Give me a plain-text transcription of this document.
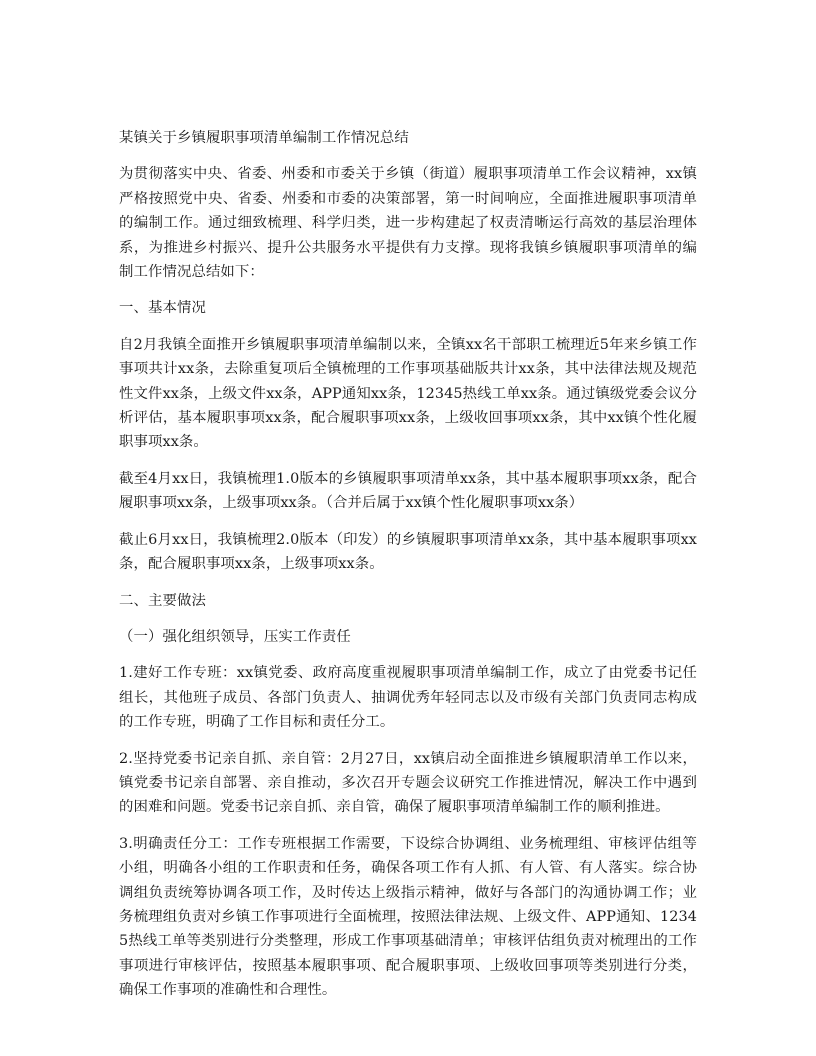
某镇关于乡镇履职事项清单编制工作情况总结

为贯彻落实中央、省委、州委和市委关于乡镇（街道）履职事项清单工作会议精神，xx镇严格按照党中央、省委、州委和市委的决策部署，第一时间响应，全面推进履职事项清单的编制工作。通过细致梳理、科学归类，进一步构建起了权责清晰运行高效的基层治理体系，为推进乡村振兴、提升公共服务水平提供有力支撑。现将我镇乡镇履职事项清单的编制工作情况总结如下：

一、基本情况

自2月我镇全面推开乡镇履职事项清单编制以来，全镇xx名干部职工梳理近5年来乡镇工作事项共计xx条，去除重复项后全镇梳理的工作事项基础版共计xx条，其中法律法规及规范性文件xx条，上级文件xx条，APP通知xx条，12345热线工单xx条。通过镇级党委会议分析评估，基本履职事项xx条，配合履职事项xx条，上级收回事项xx条，其中xx镇个性化履职事项xx条。

截至4月xx日，我镇梳理1.0版本的乡镇履职事项清单xx条，其中基本履职事项xx条，配合履职事项xx条，上级事项xx条。（合并后属于xx镇个性化履职事项xx条）

截止6月xx日，我镇梳理2.0版本（印发）的乡镇履职事项清单xx条，其中基本履职事项xx条，配合履职事项xx条，上级事项xx条。

二、主要做法

（一）强化组织领导，压实工作责任

1.建好工作专班：xx镇党委、政府高度重视履职事项清单编制工作，成立了由党委书记任组长，其他班子成员、各部门负责人、抽调优秀年轻同志以及市级有关部门负责同志构成的工作专班，明确了工作目标和责任分工。

2.坚持党委书记亲自抓、亲自管：2月27日，xx镇启动全面推进乡镇履职清单工作以来，镇党委书记亲自部署、亲自推动，多次召开专题会议研究工作推进情况，解决工作中遇到的困难和问题。党委书记亲自抓、亲自管，确保了履职事项清单编制工作的顺利推进。

3.明确责任分工：工作专班根据工作需要，下设综合协调组、业务梳理组、审核评估组等小组，明确各小组的工作职责和任务，确保各项工作有人抓、有人管、有人落实。综合协调组负责统筹协调各项工作，及时传达上级指示精神，做好与各部门的沟通协调工作；业务梳理组负责对乡镇工作事项进行全面梳理，按照法律法规、上级文件、APP通知、12345热线工单等类别进行分类整理，形成工作事项基础清单；审核评估组负责对梳理出的工作事项进行审核评估，按照基本履职事项、配合履职事项、上级收回事项等类别进行分类，确保工作事项的准确性和合理性。
